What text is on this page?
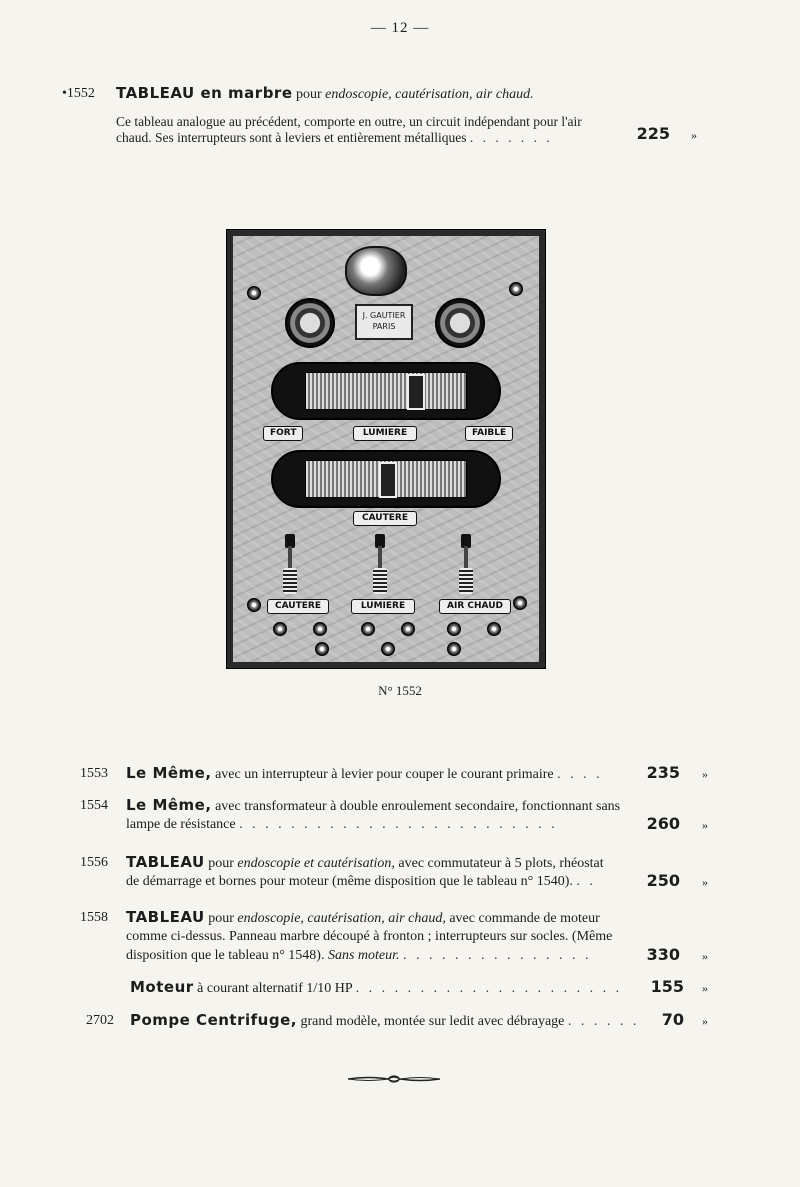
— 12 —
•1552 TABLEAU en marbre pour endoscopie, cautérisation, air chaud.
Ce tableau analogue au précédent, comporte en outre, un circuit indépendant pour l'air
chaud. Ses interrupteurs sont à leviers et entièrement métalliques . . . . . . .	225 »
J. GAUTIER
PARIS
FORT	LUMIERE	FAIBLE
CAUTERE
CAUTERE	LUMIERE	AIR CHAUD
N° 1552
1553 Le Même, avec un interrupteur à levier pour couper le courant primaire . . . .	235 »
1554 Le Même, avec transformateur à double enroulement secondaire, fonctionnant sans
lampe de résistance . . . . . . . . . . . . . . . . . . . . . . . . .	260 »
1556 TABLEAU pour endoscopie et cautérisation, avec commutateur à 5 plots, rhéostat
de démarrage et bornes pour moteur (même disposition que le tableau n° 1540). . .	250 »
1558 TABLEAU pour endoscopie, cautérisation, air chaud, avec commande de moteur
comme ci-dessus. Panneau marbre découpé à fronton ; interrupteurs sur socles. (Même
disposition que le tableau n° 1548). Sans moteur. . . . . . . . . . . . . . . .	330 »
Moteur à courant alternatif 1/10 HP . . . . . . . . . . . . . . . . . . . . .	155 »
2702 Pompe Centrifuge, grand modèle, montée sur ledit avec débrayage . . . . . .	70 »
